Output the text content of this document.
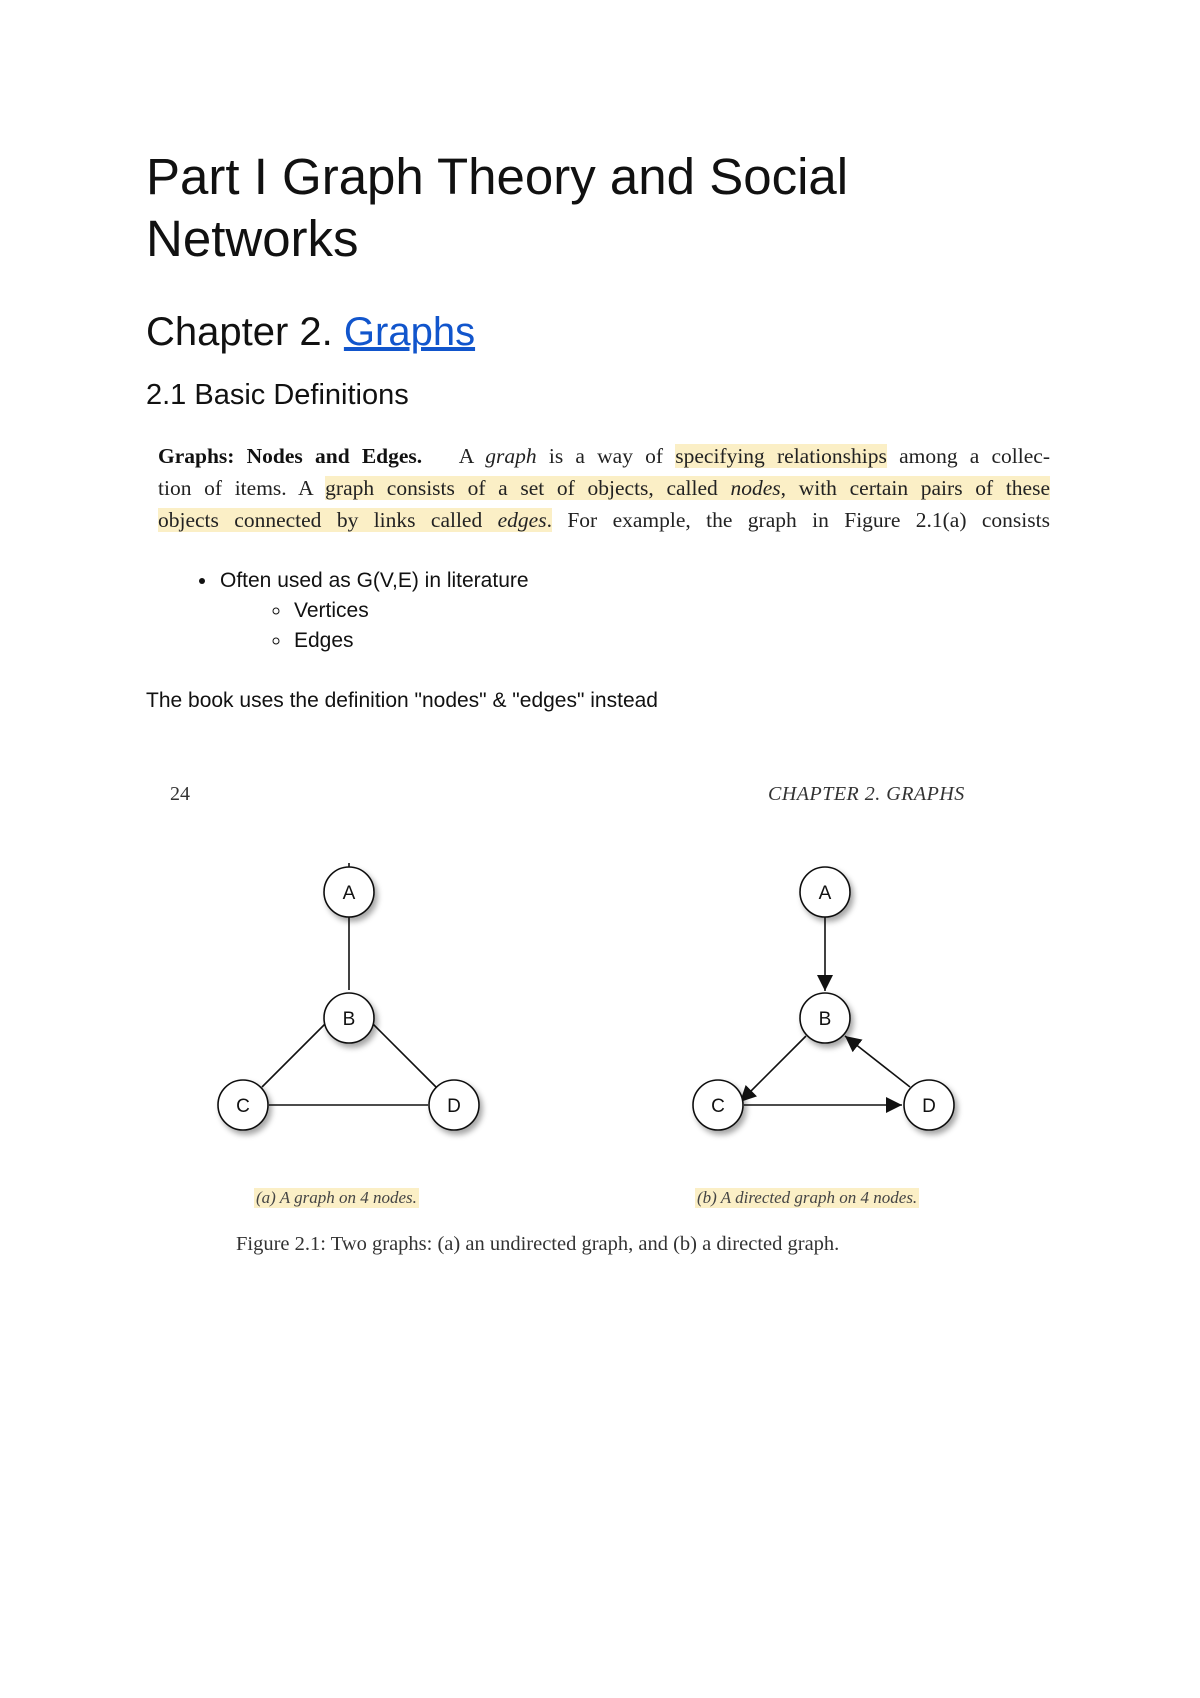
Part I Graph Theory and Social Networks
Chapter 2. Graphs
2.1 Basic Definitions
Graphs: Nodes and Edges. A graph is a way of specifying relationships among a collec-
tion of items. A graph consists of a set of objects, called nodes, with certain pairs of these
objects connected by links called edges. For example, the graph in Figure 2.1(a) consists
• Often used as G(V,E) in literature
◦ Vertices
◦ Edges

The book uses the definition "nodes" & "edges" instead

24	CHAPTER 2. GRAPHS
A
B
C	D
A
B
C	D
(a) A graph on 4 nodes.	(b) A directed graph on 4 nodes.
Figure 2.1: Two graphs: (a) an undirected graph, and (b) a directed graph.
